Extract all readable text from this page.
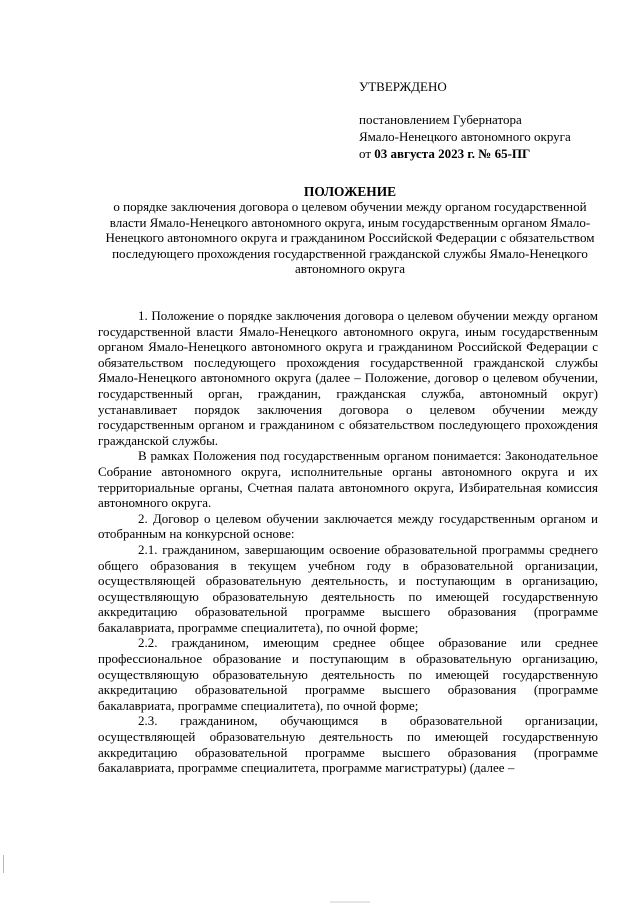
УТВЕРЖДЕНО

постановлением Губернатора

Ямало-Ненецкого автономного округа

от 03 августа 2023 г. № 65-ПГ

ПОЛОЖЕНИЕ

о порядке заключения договора о целевом обучении между органом государственной власти Ямало-Ненецкого автономного округа, иным государственным органом Ямало-Ненецкого автономного округа и гражданином Российской Федерации с обязательством последующего прохождения государственной гражданской службы Ямало-Ненецкого автономного округа

1. Положение о порядке заключения договора о целевом обучении между органом государственной власти Ямало-Ненецкого автономного округа, иным государственным органом Ямало-Ненецкого автономного округа и гражданином Российской Федерации с обязательством последующего прохождения государственной гражданской службы Ямало-Ненецкого автономного округа (далее – Положение, договор о целевом обучении, государственный орган, гражданин, гражданская служба, автономный округ) устанавливает порядок заключения договора о целевом обучении между государственным органом и гражданином с обязательством последующего прохождения гражданской службы.

В рамках Положения под государственным органом понимается: Законодательное Собрание автономного округа, исполнительные органы автономного округа и их территориальные органы, Счетная палата автономного округа, Избирательная комиссия автономного округа.

2. Договор о целевом обучении заключается между государственным органом и отобранным на конкурсной основе:

2.1. гражданином, завершающим освоение образовательной программы среднего общего образования в текущем учебном году в образовательной организации, осуществляющей образовательную деятельность, и поступающим в организацию, осуществляющую образовательную деятельность по имеющей государственную аккредитацию образовательной программе высшего образования (программе бакалавриата, программе специалитета), по очной форме;

2.2. гражданином, имеющим среднее общее образование или среднее профессиональное образование и поступающим в образовательную организацию, осуществляющую образовательную деятельность по имеющей государственную аккредитацию образовательной программе высшего образования (программе бакалавриата, программе специалитета), по очной форме;

2.3. гражданином, обучающимся в образовательной организации, осуществляющей образовательную деятельность по имеющей государственную аккредитацию образовательной программе высшего образования (программе бакалавриата, программе специалитета, программе магистратуры) (далее –
